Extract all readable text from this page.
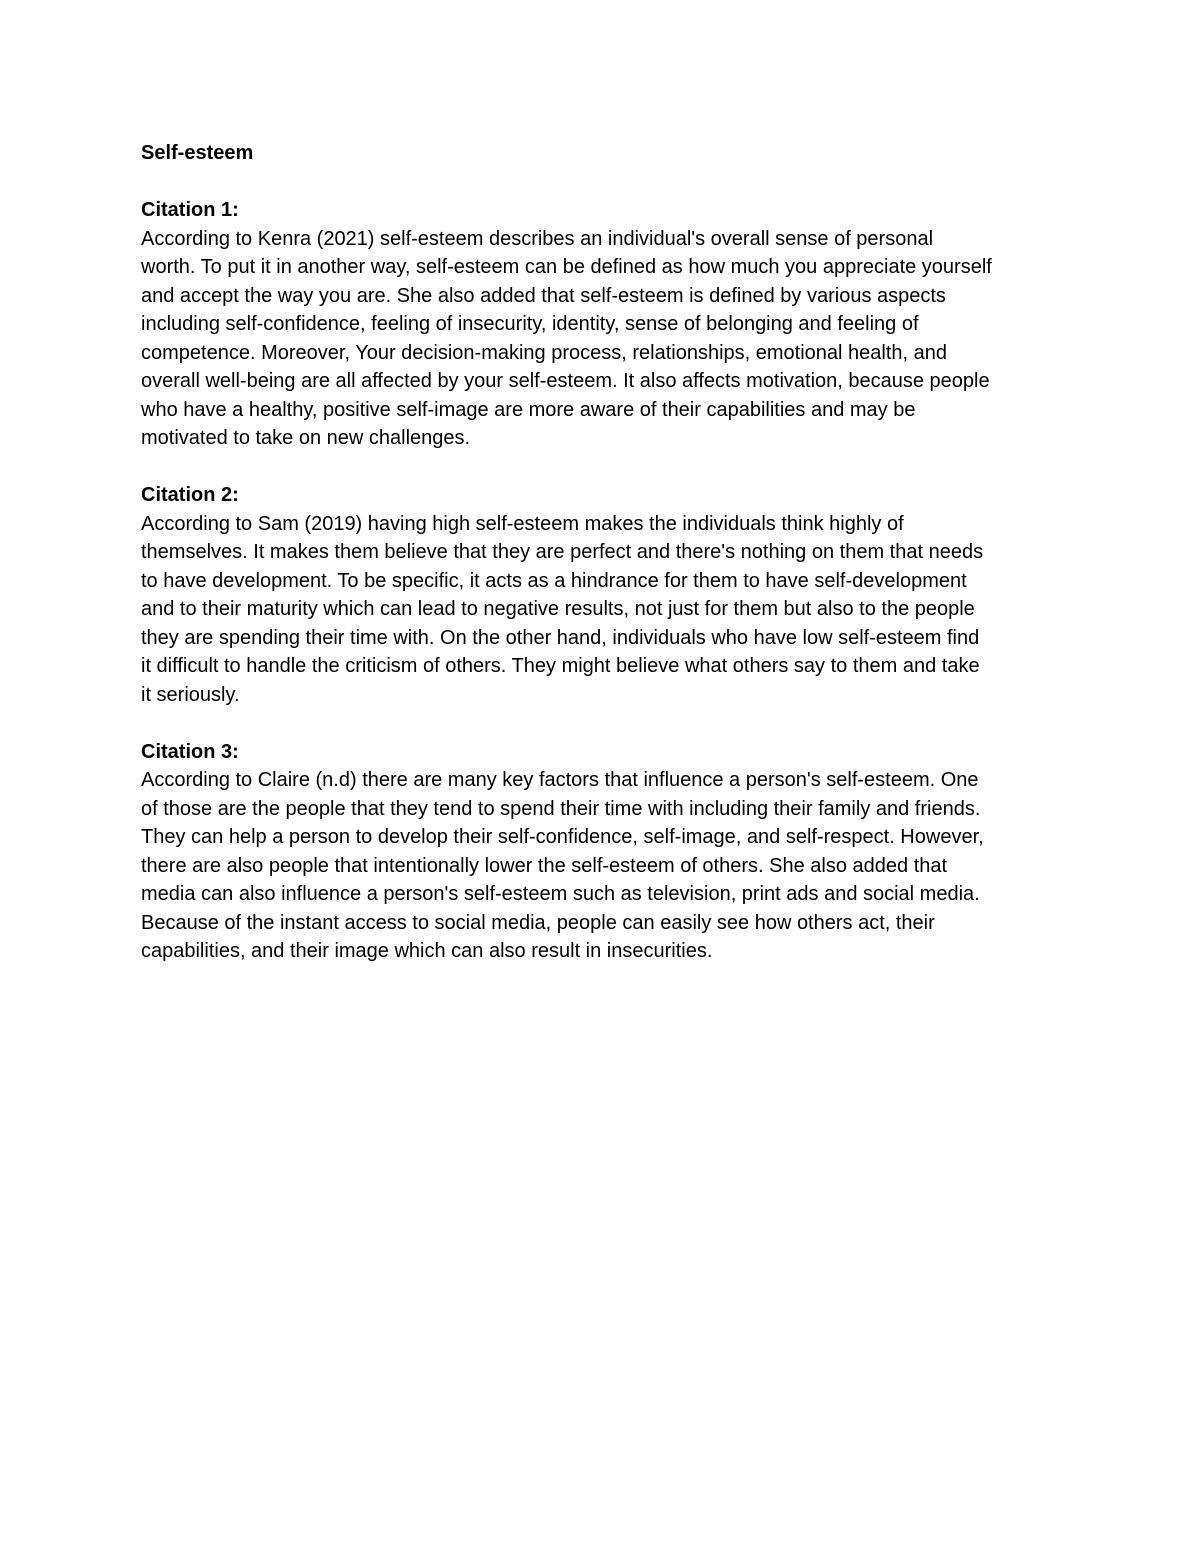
Self-esteem
Citation 1:
According to Kenra (2021) self-esteem describes an individual's overall sense of personal
worth. To put it in another way, self-esteem can be defined as how much you appreciate yourself
and accept the way you are. She also added that self-esteem is defined by various aspects
including self-confidence, feeling of insecurity, identity, sense of belonging and feeling of
competence. Moreover, Your decision-making process, relationships, emotional health, and
overall well-being are all affected by your self-esteem. It also affects motivation, because people
who have a healthy, positive self-image are more aware of their capabilities and may be
motivated to take on new challenges.
Citation 2:
According to Sam (2019) having high self-esteem makes the individuals think highly of
themselves. It makes them believe that they are perfect and there's nothing on them that needs
to have development. To be specific, it acts as a hindrance for them to have self-development
and to their maturity which can lead to negative results, not just for them but also to the people
they are spending their time with. On the other hand, individuals who have low self-esteem find
it difficult to handle the criticism of others. They might believe what others say to them and take
it seriously.
Citation 3:
According to Claire (n.d) there are many key factors that influence a person's self-esteem. One
of those are the people that they tend to spend their time with including their family and friends.
They can help a person to develop their self-confidence, self-image, and self-respect. However,
there are also people that intentionally lower the self-esteem of others. She also added that
media can also influence a person's self-esteem such as television, print ads and social media.
Because of the instant access to social media, people can easily see how others act, their
capabilities, and their image which can also result in insecurities.
